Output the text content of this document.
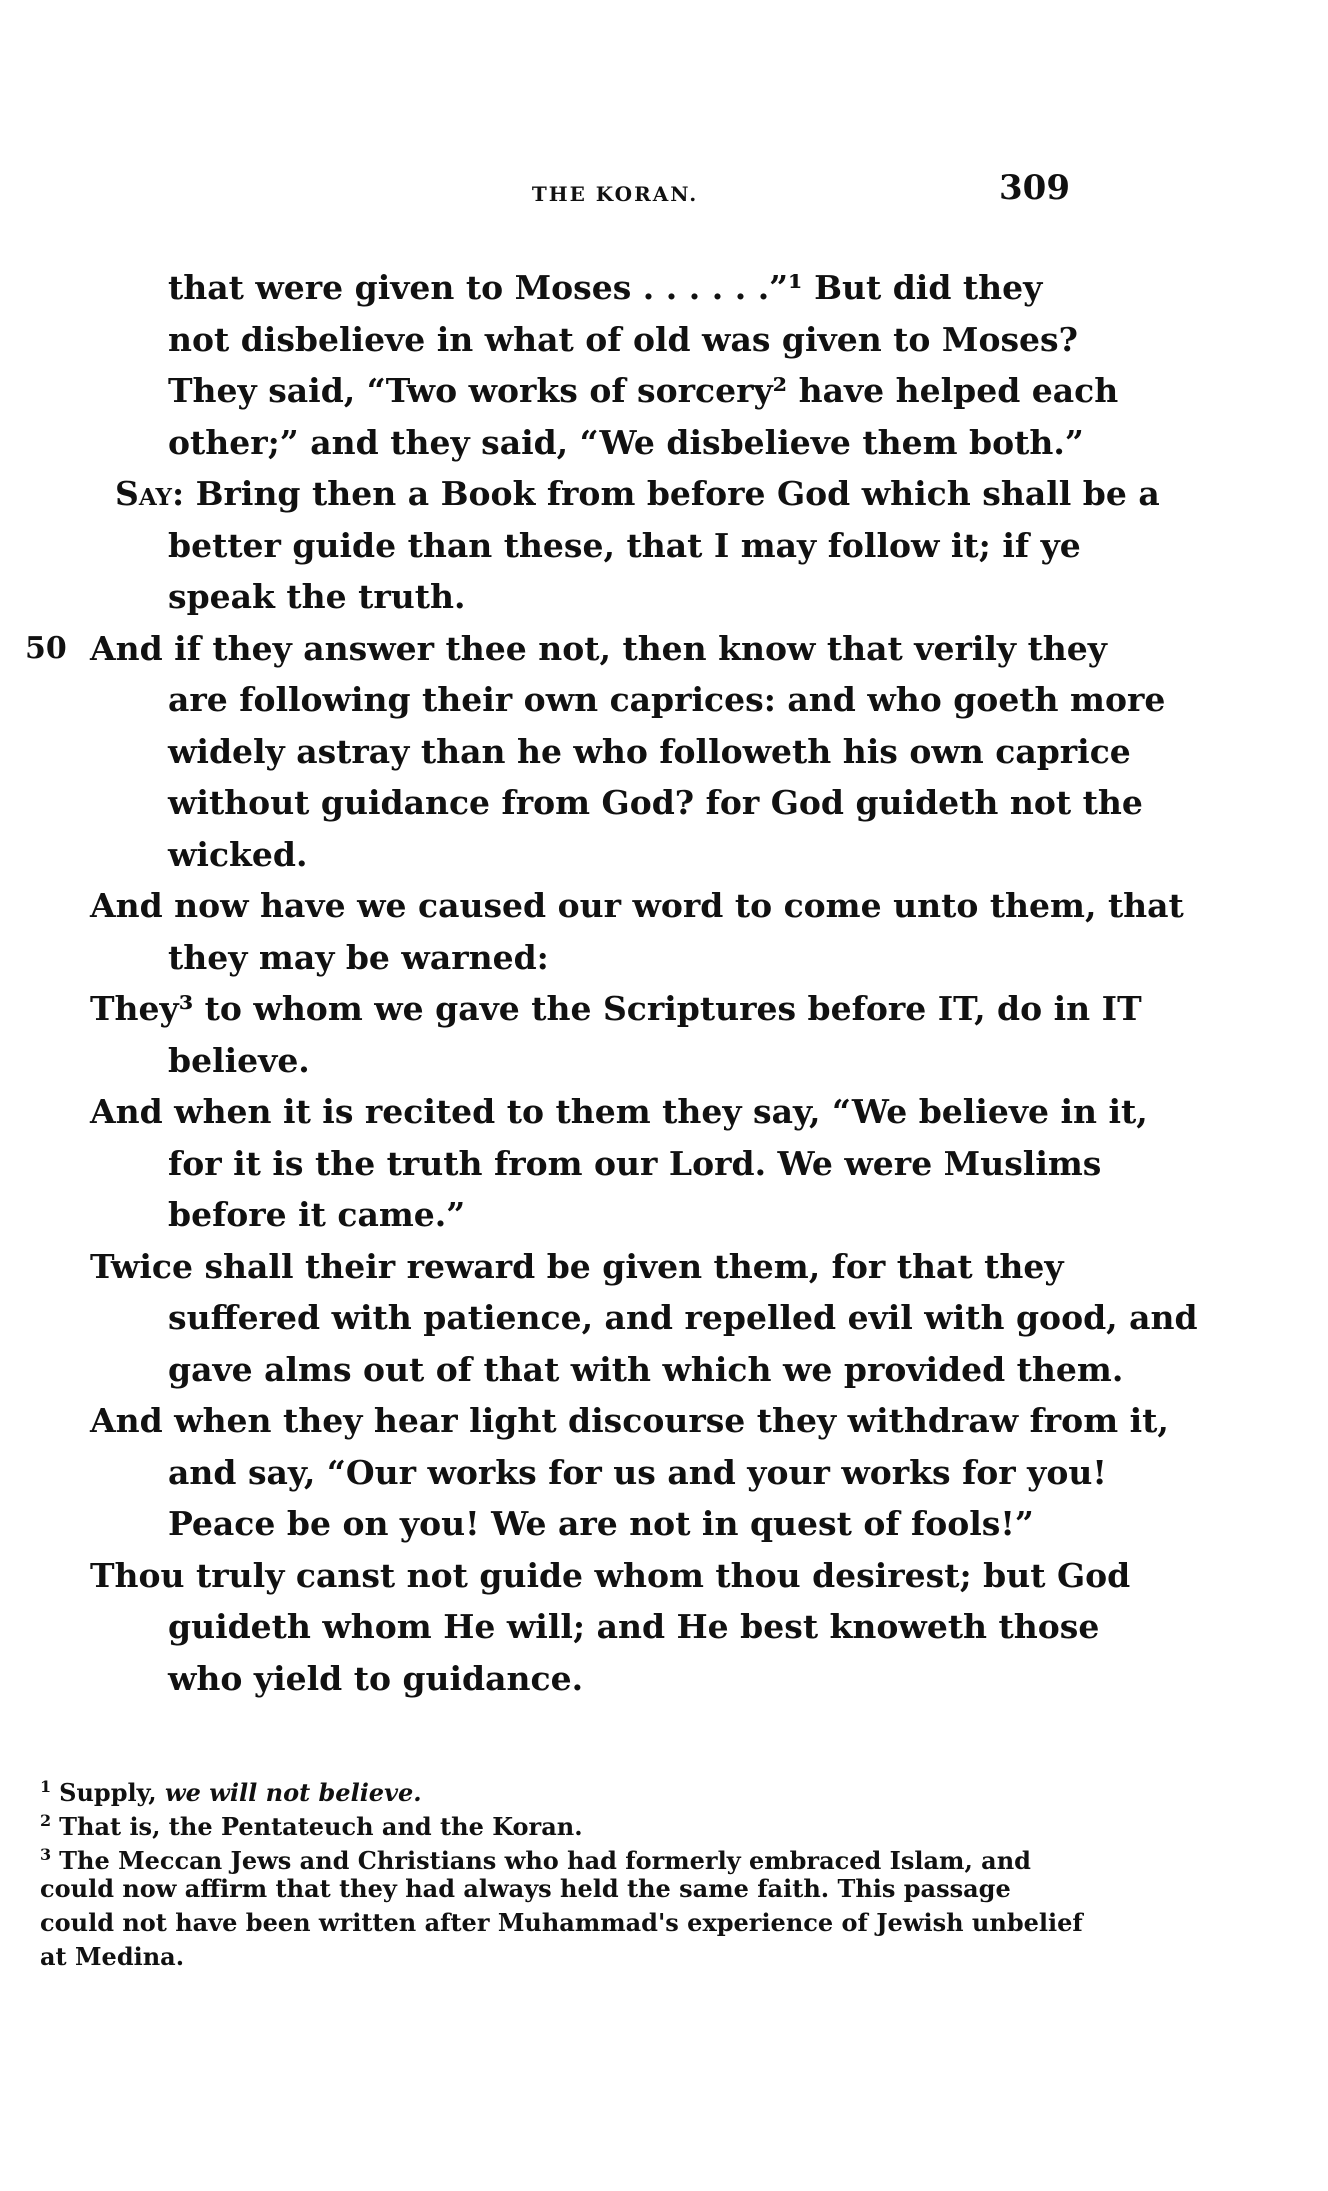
THE KORAN.	309
that were given to Moses . . . . . .”¹ But did they
not disbelieve in what of old was given to Moses?
They said, “Two works of sorcery² have helped each
other;” and they said, “We disbelieve them both.”
Say: Bring then a Book from before God which shall be a
better guide than these, that I may follow it; if ye
speak the truth.
50 And if they answer thee not, then know that verily they
are following their own caprices: and who goeth more
widely astray than he who followeth his own caprice
without guidance from God? for God guideth not the
wicked.
And now have we caused our word to come unto them, that
they may be warned:
They³ to whom we gave the Scriptures before IT, do in IT
believe.
And when it is recited to them they say, “We believe in it,
for it is the truth from our Lord. We were Muslims
before it came.”
Twice shall their reward be given them, for that they
suffered with patience, and repelled evil with good, and
gave alms out of that with which we provided them.
And when they hear light discourse they withdraw from it,
and say, “Our works for us and your works for you!
Peace be on you! We are not in quest of fools!”
Thou truly canst not guide whom thou desirest; but God
guideth whom He will; and He best knoweth those
who yield to guidance.
$^1$ Supply, we will not believe.
$^2$ That is, the Pentateuch and the Koran.
$^3$ The Meccan Jews and Christians who had formerly embraced Islam, and
could now affirm that they had always held the same faith. This passage
could not have been written after Muhammad's experience of Jewish unbelief
at Medina.
